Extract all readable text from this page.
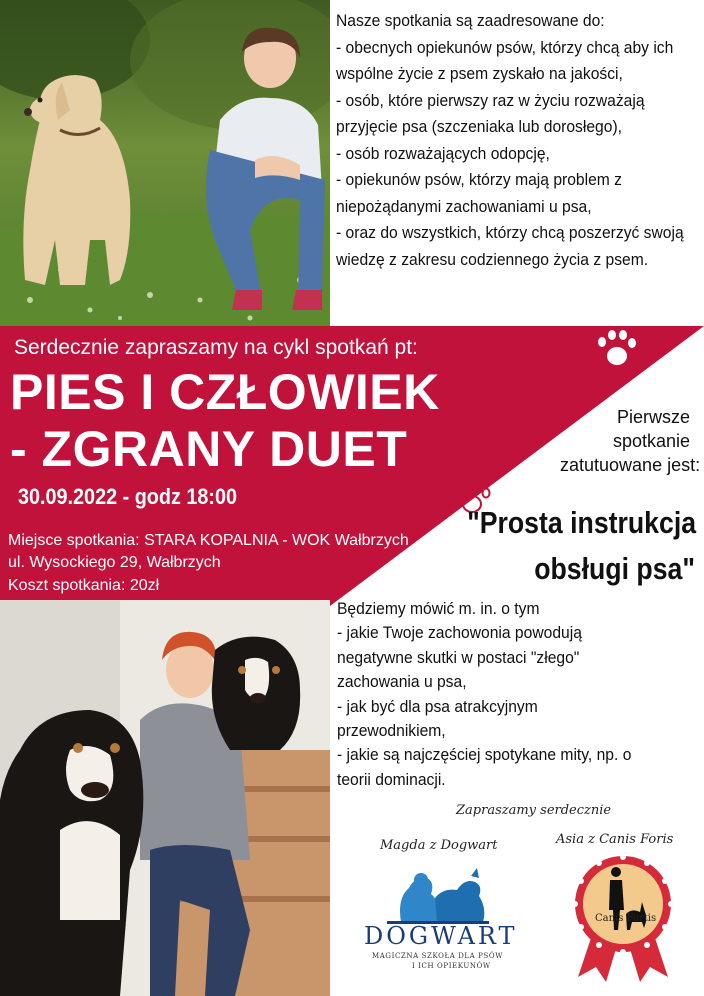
Nasze spotkania są zaadresowane do:
- obecnych opiekunów psów, którzy chcą aby ich
wspólne życie z psem zyskało na jakości,
- osób, które pierwszy raz w życiu rozważają
przyjęcie psa (szczeniaka lub dorosłego),
- osób rozważających odopcję,
- opiekunów psów, którzy mają problem z
niepożądanymi zachowaniami u psa,
- oraz do wszystkich, którzy chcą poszerzyć swoją
wiedzę z zakresu codziennego życia z psem.
Serdecznie zapraszamy na cykl spotkań pt:
PIES I CZŁOWIEK
- ZGRANY DUET
30.09.2022 - godz 18:00
Miejsce spotkania: STARA KOPALNIA - WOK Wałbrzych
ul. Wysockiego 29, Wałbrzych
Koszt spotkania: 20zł
Pierwsze
spotkanie
zatutuowane jest:
"Prosta instrukcja
obsługi psa"
Będziemy mówić m. in. o tym
- jakie Twoje zachowonia powodują
negatywne skutki w postaci "złego"
zachowania u psa,
- jak być dla psa atrakcyjnym
przewodnikiem,
- jakie są najczęściej spotykane mity, np. o
teorii dominacji.
Zapraszamy serdecznie
Magda z Dogwart	Asia z Canis Foris
DOGWART
MAGICZNA SZKOŁA DLA PSÓW
I ICH OPIEKUNÓW
Canis Fortis
